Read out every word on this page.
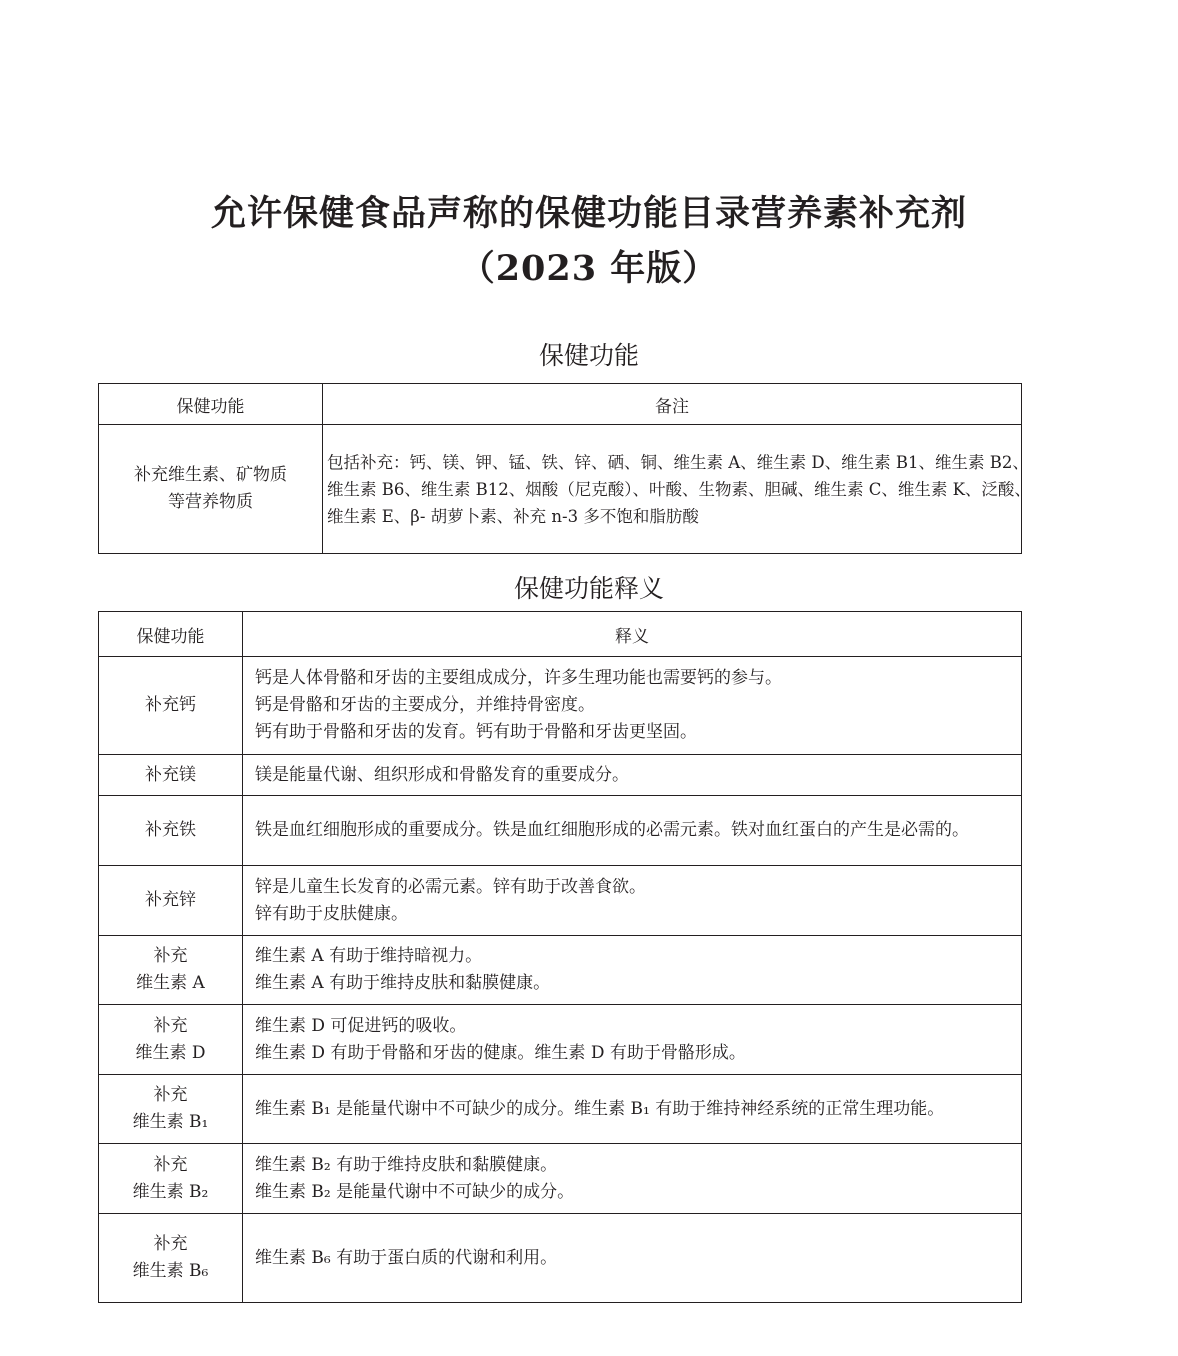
允许保健食品声称的保健功能目录营养素补充剂
（2023 年版）
保健功能
保健功能	备注

补充维生素、矿物质
等营养物质	包括补充：钙、镁、钾、锰、铁、锌、硒、铜、维生素 A、维生素 D、维生素 B1、维生素 B2、
维生素 B6、维生素 B12、烟酸（尼克酸）、叶酸、生物素、胆碱、维生素 C、维生素 K、泛酸、
维生素 E、β- 胡萝卜素、补充 n-3 多不饱和脂肪酸
保健功能释义
保健功能	释义

补充钙	钙是人体骨骼和牙齿的主要组成成分，许多生理功能也需要钙的参与。
钙是骨骼和牙齿的主要成分，并维持骨密度。
钙有助于骨骼和牙齿的发育。钙有助于骨骼和牙齿更坚固。

补充镁	镁是能量代谢、组织形成和骨骼发育的重要成分。

补充铁	铁是血红细胞形成的重要成分。铁是血红细胞形成的必需元素。铁对血红蛋白的产生是必需的。

补充锌	锌是儿童生长发育的必需元素。锌有助于改善食欲。
锌有助于皮肤健康。

补充
维生素 A	维生素 A 有助于维持暗视力。
维生素 A 有助于维持皮肤和黏膜健康。

补充
维生素 D	维生素 D 可促进钙的吸收。
维生素 D 有助于骨骼和牙齿的健康。维生素 D 有助于骨骼形成。

补充
维生素 B₁	维生素 B₁ 是能量代谢中不可缺少的成分。维生素 B₁ 有助于维持神经系统的正常生理功能。

补充
维生素 B₂	维生素 B₂ 有助于维持皮肤和黏膜健康。
维生素 B₂ 是能量代谢中不可缺少的成分。

补充
维生素 B₆	维生素 B₆ 有助于蛋白质的代谢和利用。
